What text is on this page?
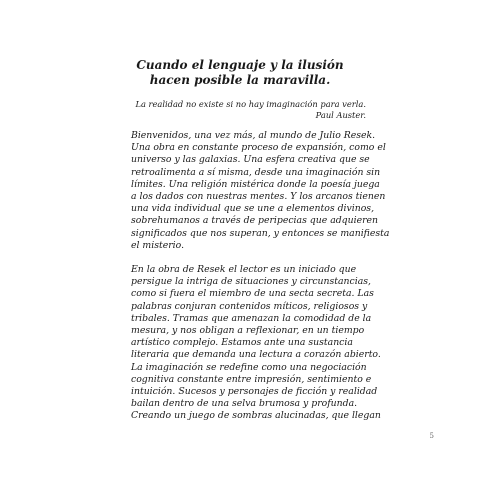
Cuando el lenguaje y la ilusión
hacen posible la maravilla.
La realidad no existe si no hay imaginación para verla.
Paul Auster.
Bienvenidos, una vez más, al mundo de Julio Resek.
Una obra en constante proceso de expansión, como el
universo y las galaxias. Una esfera creativa que se
retroalimenta a sí misma, desde una imaginación sin
límites. Una religión mistérica donde la poesía juega
a los dados con nuestras mentes. Y los arcanos tienen
una vida individual que se une a elementos divinos,
sobrehumanos a través de peripecias que adquieren
significados que nos superan, y entonces se manifiesta
el misterio.
En la obra de Resek el lector es un iniciado que
persigue la intriga de situaciones y circunstancias,
como si fuera el miembro de una secta secreta. Las
palabras conjuran contenidos míticos, religiosos y
tribales. Tramas que amenazan la comodidad de la
mesura, y nos obligan a reflexionar, en un tiempo
artístico complejo. Estamos ante una sustancia
literaria que demanda una lectura a corazón abierto.
La imaginación se redefine como una negociación
cognitiva constante entre impresión, sentimiento e
intuición. Sucesos y personajes de ficción y realidad
bailan dentro de una selva brumosa y profunda.
Creando un juego de sombras alucinadas, que llegan
5
